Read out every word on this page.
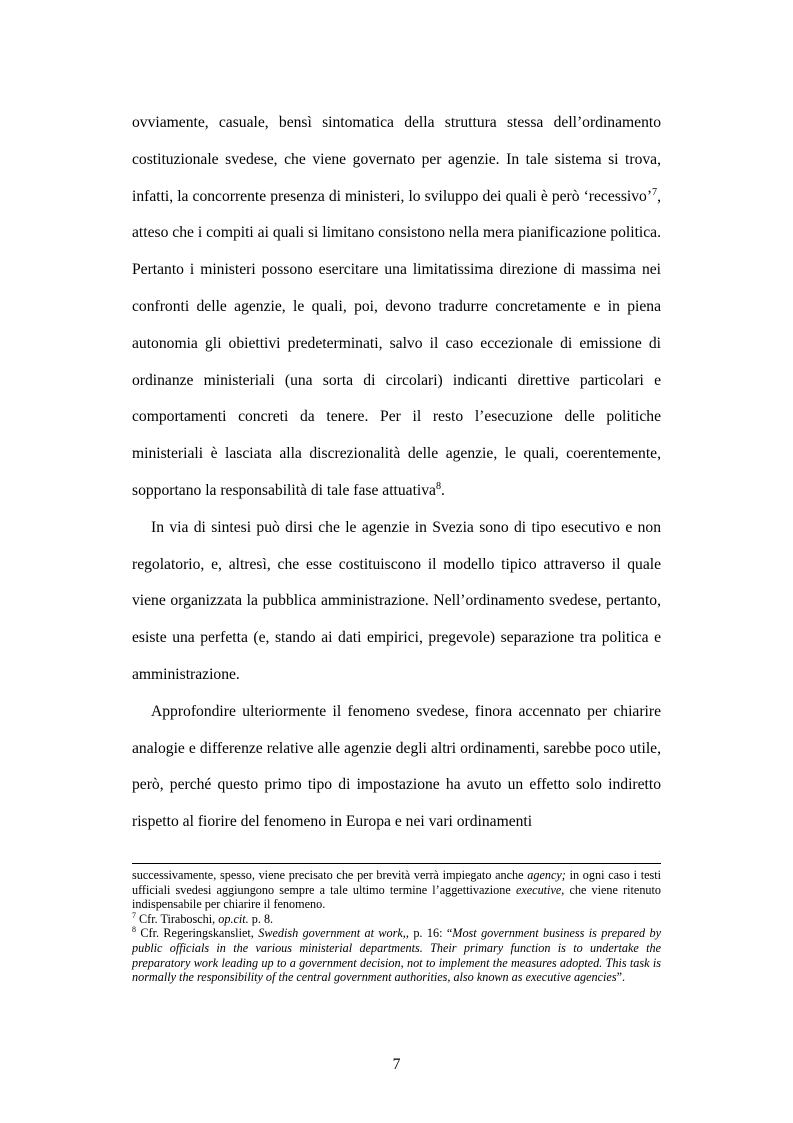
ovviamente, casuale, bensì sintomatica della struttura stessa dell’ordinamento costituzionale svedese, che viene governato per agenzie. In tale sistema si trova, infatti, la concorrente presenza di ministeri, lo sviluppo dei quali è però ‘recessivo’$^7$, atteso che i compiti ai quali si limitano consistono nella mera pianificazione politica. Pertanto i ministeri possono esercitare una limitatissima direzione di massima nei confronti delle agenzie, le quali, poi, devono tradurre concretamente e in piena autonomia gli obiettivi predeterminati, salvo il caso eccezionale di emissione di ordinanze ministeriali (una sorta di circolari) indicanti direttive particolari e comportamenti concreti da tenere. Per il resto l’esecuzione delle politiche ministeriali è lasciata alla discrezionalità delle agenzie, le quali, coerentemente, sopportano la responsabilità di tale fase attuativa$^8$.

In via di sintesi può dirsi che le agenzie in Svezia sono di tipo esecutivo e non regolatorio, e, altresì, che esse costituiscono il modello tipico attraverso il quale viene organizzata la pubblica amministrazione. Nell’ordinamento svedese, pertanto, esiste una perfetta (e, stando ai dati empirici, pregevole) separazione tra politica e amministrazione.

Approfondire ulteriormente il fenomeno svedese, finora accennato per chiarire analogie e differenze relative alle agenzie degli altri ordinamenti, sarebbe poco utile, però, perché questo primo tipo di impostazione ha avuto un effetto solo indiretto rispetto al fiorire del fenomeno in Europa e nei vari ordinamenti

successivamente, spesso, viene precisato che per brevità verrà impiegato anche agency; in ogni caso i testi ufficiali svedesi aggiungono sempre a tale ultimo termine l’aggettivazione executive, che viene ritenuto indispensabile per chiarire il fenomeno.

$^7$ Cfr. Tiraboschi, op.cit. p. 8.

$^8$ Cfr. Regeringskansliet, Swedish government at work,, p. 16: “Most government business is prepared by public officials in the various ministerial departments. Their primary function is to undertake the preparatory work leading up to a government decision, not to implement the measures adopted. This task is normally the responsibility of the central government authorities, also known as executive agencies”.

7
